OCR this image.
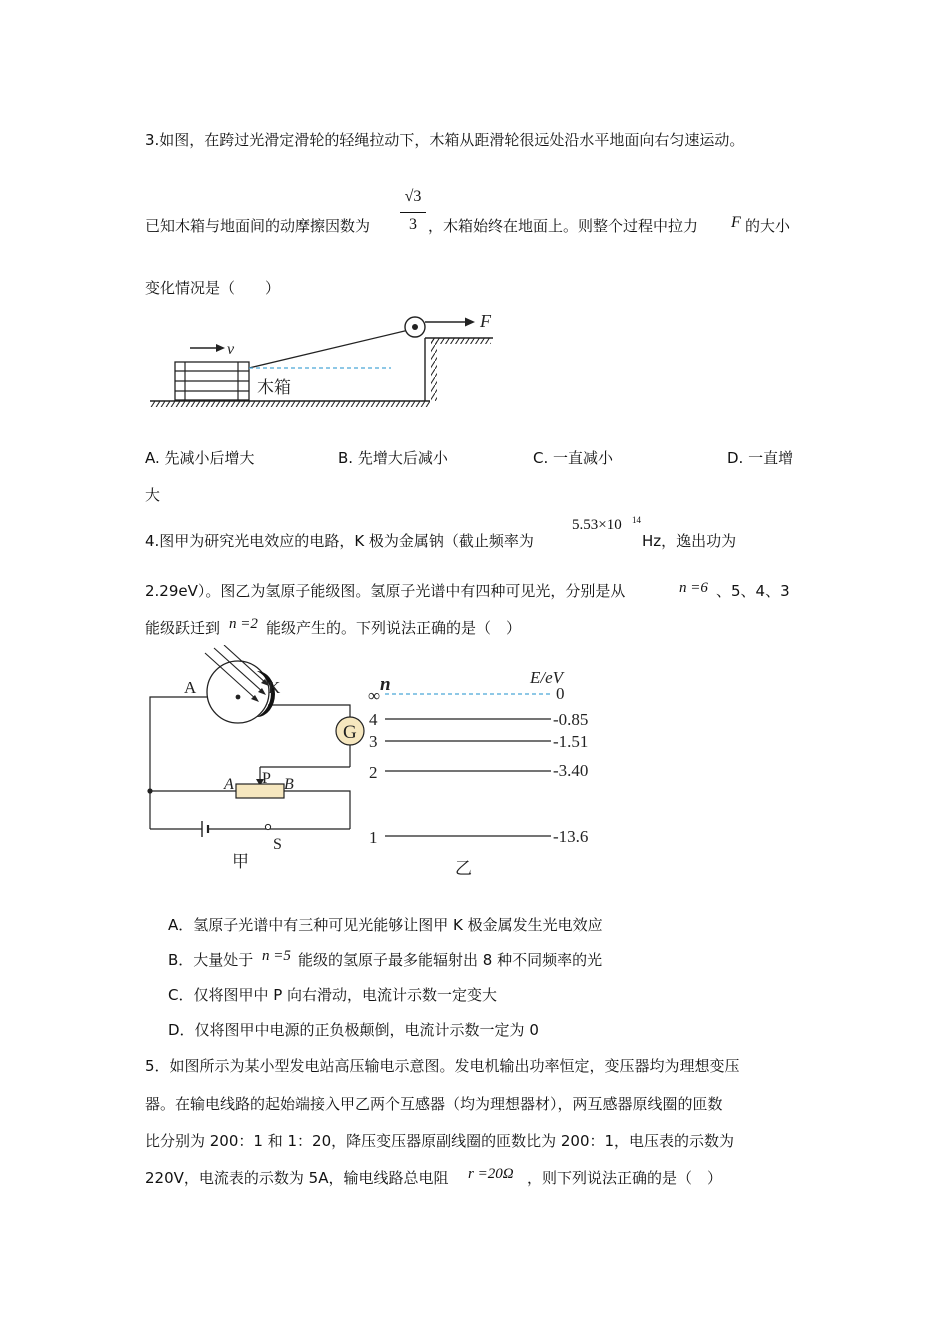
3.如图，在跨过光滑定滑轮的轻绳拉动下，木箱从距滑轮很远处沿水平地面向右匀速运动。
已知木箱与地面间的动摩擦因数为
√3
3 ，木箱始终在地面上。则整个过程中拉力 F 的大小
变化情况是（　　）
v
F
木箱
A. 先减小后增大	B. 先增大后减小	C. 一直减小	D. 一直增
大
4.图甲为研究光电效应的电路，K 极为金属钠（截止频率为
5.53×10 14
Hz，逸出功为
2.29eV）。图乙为氢原子能级图。氢原子光谱中有四种可见光，分别是从	n =6 、5、4、3
能级跃迁到 n =2 能级产生的。下列说法正确的是（　）
G
A	K
P
A	B
S
甲
n	E/eV
∞	0
4	-0.85
3	-1.51
2	-3.40
1	-13.6
乙
A．氢原子光谱中有三种可见光能够让图甲 K 极金属发生光电效应
B．大量处于 n =5 能级的氢原子最多能辐射出 8 种不同频率的光
C．仅将图甲中 P 向右滑动，电流计示数一定变大
D．仅将图甲中电源的正负极颠倒，电流计示数一定为 0
5．如图所示为某小型发电站高压输电示意图。发电机输出功率恒定，变压器均为理想变压
器。在输电线路的起始端接入甲乙两个互感器（均为理想器材），两互感器原线圈的匝数
比分别为 200：1 和 1：20，降压变压器原副线圈的匝数比为 200：1，电压表的示数为
220V，电流表的示数为 5A，输电线路总电阻 r =20Ω ，则下列说法正确的是（　）
